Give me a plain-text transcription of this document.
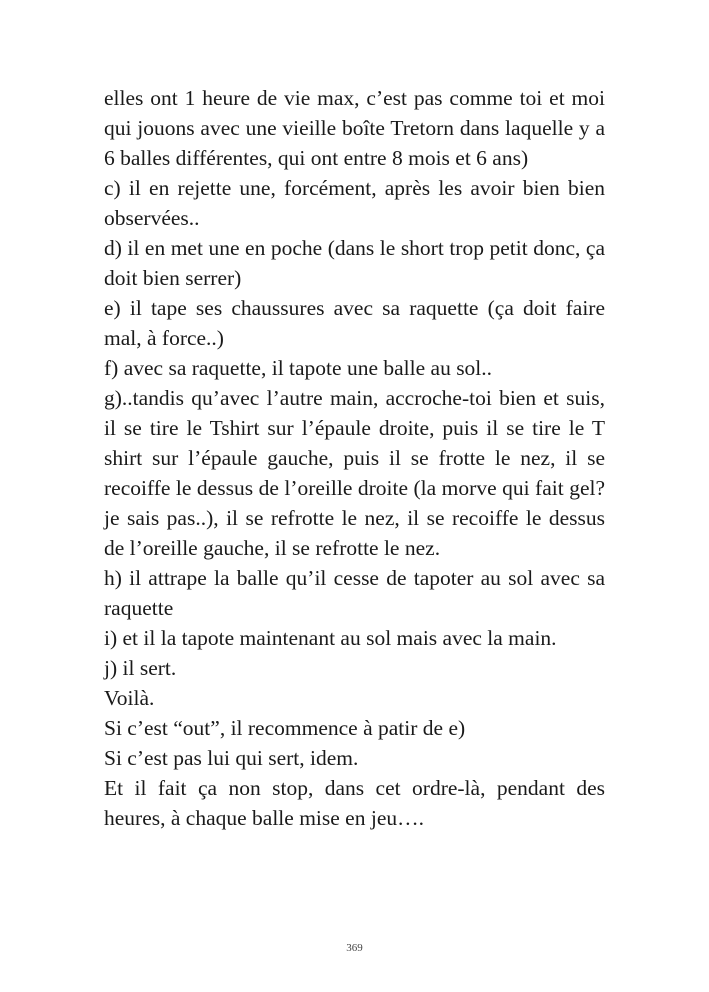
elles ont 1 heure de vie max, c’est pas comme toi et moi qui jouons avec une vieille boîte Tretorn dans laquelle y a 6 balles différentes, qui ont entre 8 mois et 6 ans)

c) il en rejette une, forcément, après les avoir bien bien observées..

d) il en met une en poche (dans le short trop petit donc, ça doit bien serrer)

e) il tape ses chaussures avec sa raquette (ça doit faire mal, à force..)

f) avec sa raquette, il tapote une balle au sol..

g)..tandis qu’avec l’autre main, accroche-toi bien et suis, il se tire le Tshirt sur l’épaule droite, puis il se tire le T shirt sur l’épaule gauche, puis il se frotte le nez, il se recoiffe le dessus de l’oreille droite (la morve qui fait gel? je sais pas..), il se refrotte le nez, il se recoiffe le dessus de l’oreille gauche, il se refrotte le nez.

h) il attrape la balle qu’il cesse de tapoter au sol avec sa raquette

i) et il la tapote maintenant au sol mais avec la main.

j) il sert.

Voilà.

Si c’est “out”, il recommence à patir de e)

Si c’est pas lui qui sert, idem.

Et il fait ça non stop, dans cet ordre-là, pendant des heures, à chaque balle mise en jeu….

369
